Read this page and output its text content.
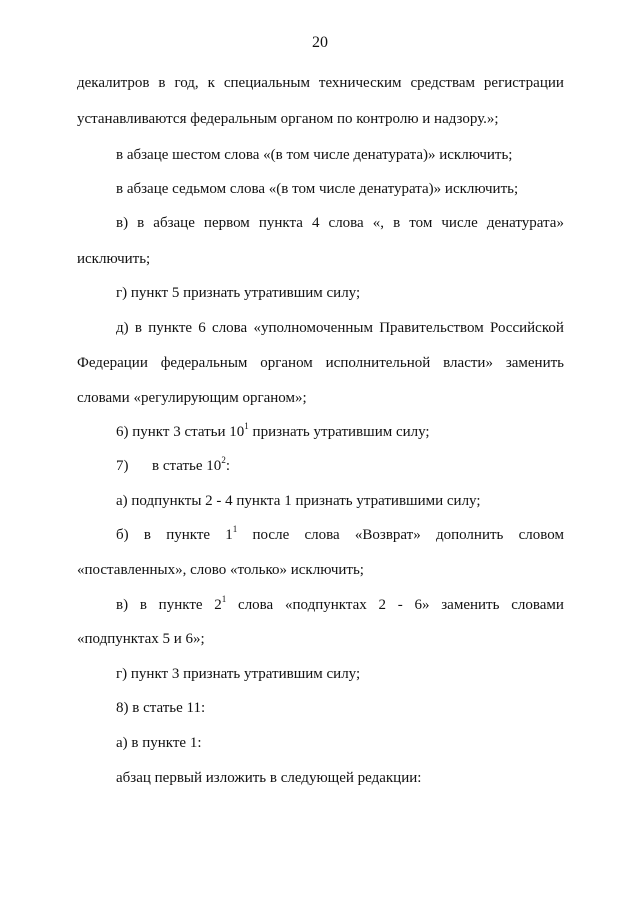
20
декалитров в год, к специальным техническим средствам регистрации
устанавливаются федеральным органом по контролю и надзору.»;
в абзаце шестом слова «(в том числе денатурата)» исключить;
в абзаце седьмом слова «(в том числе денатурата)» исключить;
в) в абзаце первом пункта 4 слова «, в том числе денатурата»
исключить;
г) пункт 5 признать утратившим силу;
д) в пункте 6 слова «уполномоченным Правительством Российской
Федерации федеральным органом исполнительной власти» заменить
словами «регулирующим органом»;
6) пункт 3 статьи $10^1$ признать утратившим силу;
7) в статье $10^2$:
а) подпункты 2 - 4 пункта 1 признать утратившими силу;
б) в пункте $1^1$ после слова «Возврат» дополнить словом
«поставленных», слово «только» исключить;
в) в пункте $2^1$ слова «подпунктах 2 - 6» заменить словами
«подпунктах 5 и 6»;
г) пункт 3 признать утратившим силу;
8) в статье 11:
а) в пункте 1:
абзац первый изложить в следующей редакции:
